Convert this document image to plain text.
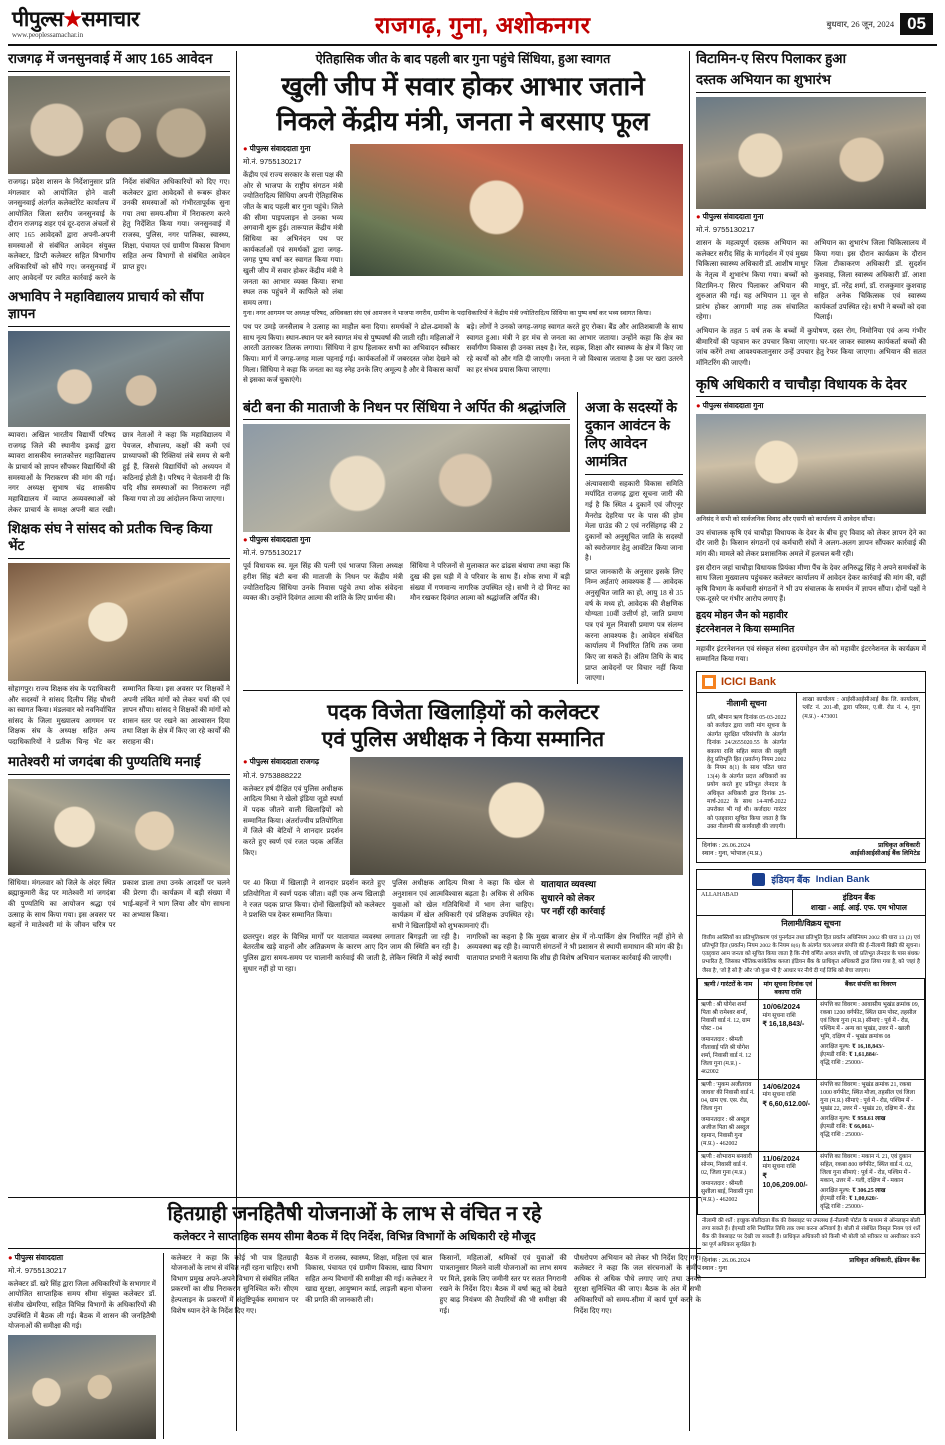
पीपुल्स★समाचार
www.peoplessamachar.in	राजगढ़, गुना, अशोकनगर	बुधवार, 26 जून, 2024 05
राजगढ़ में जनसुनवाई में आए 165 आवेदन
राजगढ़। प्रदेश शासन के निर्देशानुसार प्रति मंगलवार को आयोजित होने वाली जनसुनवाई अंतर्गत कलेक्टोरेट कार्यालय में आयोजित जिला स्तरीय जनसुनवाई के दौरान राजगढ़ शहर एवं दूर-दराज अंचलों से आए 165 आवेदकों द्वारा अपनी-अपनी समस्याओं से संबंधित आवेदन संयुक्त कलेक्टर, डिप्टी कलेक्टर सहित विभागीय अधिकारियों को सौंपे गए। जनसुनवाई में आए आवेदनों पर त्वरित कार्रवाई करने के निर्देश संबंधित अधिकारियों को दिए गए। कलेक्टर द्वारा आवेदकों से रूबरू होकर उनकी समस्याओं को गंभीरतापूर्वक सुना गया तथा समय-सीमा में निराकरण करने हेतु निर्देशित किया गया। जनसुनवाई में राजस्व, पुलिस, नगर पालिका, स्वास्थ्य, शिक्षा, पंचायत एवं ग्रामीण विकास विभाग सहित अन्य विभागों से संबंधित आवेदन प्राप्त हुए।
अभाविप ने महाविद्यालय प्राचार्य को सौंपा ज्ञापन
ब्यावरा। अखिल भारतीय विद्यार्थी परिषद राजगढ़ जिले की स्थानीय इकाई द्वारा ब्यावरा शासकीय स्नातकोत्तर महाविद्यालय के प्राचार्य को ज्ञापन सौंपकर विद्यार्थियों की समस्याओं के निराकरण की मांग की गई। नगर अध्यक्ष सुभाष चंद्र शासकीय महाविद्यालय में व्याप्त अव्यवस्थाओं को लेकर प्राचार्य के समक्ष अपनी बात रखी। छात्र नेताओं ने कहा कि महाविद्यालय में पेयजल, शौचालय, कक्षों की कमी एवं प्राध्यापकों की रिक्तियां लंबे समय से बनी हुई हैं, जिससे विद्यार्थियों को अध्ययन में कठिनाई होती है। परिषद ने चेतावनी दी कि यदि शीघ्र समस्याओं का निराकरण नहीं किया गया तो उग्र आंदोलन किया जाएगा।
शिक्षक संघ ने सांसद को प्रतीक चिन्ह किया भेंट
सोहागपुर। राज्य शिक्षक संघ के पदाधिकारी और सदस्यों ने सांसद दिलीप सिंह चौधरी का स्वागत किया। मंडलवार को नवनिर्वाचित सांसद के जिला मुख्यालय आगमन पर शिक्षक संघ के अध्यक्ष सहित अन्य पदाधिकारियों ने प्रतीक चिन्ह भेंट कर सम्मानित किया। इस अवसर पर शिक्षकों ने अपनी लंबित मांगों को लेकर चर्चा की एवं ज्ञापन सौंपा। सांसद ने शिक्षकों की मांगों को शासन स्तर पर रखने का आश्वासन दिया तथा शिक्षा के क्षेत्र में किए जा रहे कार्यों की सराहना की।
मातेश्वरी मां जगदंबा की पुण्यतिथि मनाई
सिंधिया। मंगलवार को जिले के अंदर स्थित ब्रह्माकुमारी केंद्र पर मातेश्वरी मां जगदंबा की पुण्यतिथि का आयोजन श्रद्धा एवं उत्साह के साथ किया गया। इस अवसर पर बहनों ने मातेश्वरी मां के जीवन चरित्र पर प्रकाश डाला तथा उनके आदर्शों पर चलने की प्रेरणा दी। कार्यक्रम में बड़ी संख्या में भाई-बहनों ने भाग लिया और योग साधना का अभ्यास किया।
ऐतिहासिक जीत के बाद पहली बार गुना पहुंचे सिंधिया, हुआ स्वागत
खुली जीप में सवार होकर आभार जताने
निकले केंद्रीय मंत्री, जनता ने बरसाए फूल
● पीपुल्स संवाददाता गुना
मो.नं. 9755130217
केंद्रीय एवं राज्य सरकार के सत्ता पक्ष की ओर से भाजपा के राष्ट्रीय संगठन मंत्री ज्योतिरादित्य सिंधिया अपनी ऐतिहासिक जीत के बाद पहली बार गुना पहुंचे। जिले की सीमा पाइपलाइन से उनका भव्य अगवानी शुरू हुई। तारूपाल केंद्रीय मंत्री सिंधिया का अभिनंदन पथ पर कार्यकर्ताओं एवं समर्थकों द्वारा जगह-जगह पुष्प वर्षा कर स्वागत किया गया। खुली जीप में सवार होकर केंद्रीय मंत्री ने जनता का आभार व्यक्त किया। सभा स्थल तक पहुंचने में काफिले को लंबा समय लगा।
गुना। नगर आगमन पर अध्यक्ष परिषद, अधिवक्ता संघ एवं आमजन ने भाजपा नगरीय, ग्रामीण के पदाधिकारियों ने केंद्रीय मंत्री ज्योतिरादित्य सिंधिया का पुष्प वर्षा कर भव्य स्वागत किया।
पथ पर उमड़े जनसैलाब ने उत्साह का माहौल बना दिया। समर्थकों ने ढोल-ढमाकों के साथ नृत्य किया। स्थान-स्थान पर बने स्वागत मंच से पुष्पवर्षा की जाती रही। महिलाओं ने आरती उतारकर तिलक लगाया। सिंधिया ने हाथ हिलाकर सभी का अभिवादन स्वीकार किया। मार्ग में जगह-जगह माला पहनाई गई। कार्यकर्ताओं में जबरदस्त जोश देखने को मिला। सिंधिया ने कहा कि जनता का यह स्नेह उनके लिए अमूल्य है और वे विकास कार्यों से इसका कर्ज चुकाएंगे।
बड़े। लोगों ने उनको जगह-जगह स्वागत करते हुए रोका। बैंड और आतिशबाजी के साथ स्वागत हुआ। मंत्री ने हर मंच से जनता का आभार जताया। उन्होंने कहा कि क्षेत्र का सर्वांगीण विकास ही उनका लक्ष्य है। रेल, सड़क, शिक्षा और स्वास्थ्य के क्षेत्र में किए जा रहे कार्यों को और गति दी जाएगी। जनता ने जो विश्वास जताया है उस पर खरा उतरने का हर संभव प्रयास किया जाएगा।
बंटी बना की माताजी के निधन पर सिंधिया ने अर्पित की श्रद्धांजलि
● पीपुल्स संवाददाता गुना
मो.नं. 9755130217
पूर्व विधायक स्व. मूल सिंह की पत्नी एवं भाजपा जिला अध्यक्ष हरीश सिंह बंटी बना की माताजी के निधन पर केंद्रीय मंत्री ज्योतिरादित्य सिंधिया उनके निवास पहुंचे तथा शोक संवेदना व्यक्त की। उन्होंने दिवंगत आत्मा की शांति के लिए प्रार्थना की।
सिंधिया ने परिजनों से मुलाकात कर ढांढस बंधाया तथा कहा कि दुख की इस घड़ी में वे परिवार के साथ हैं। शोक सभा में बड़ी संख्या में गणमान्य नागरिक उपस्थित रहे। सभी ने दो मिनट का मौन रखकर दिवंगत आत्मा को श्रद्धांजलि अर्पित की।
अजा के सदस्यों के दुकान आवंटन के लिए आवेदन आमंत्रित
अंत्यावसायी सहकारी विकास समिति मर्यादित राजगढ़ द्वारा सूचना जारी की गई है कि स्थित 4 दुकानें एवं जीएनूर मैनरोड देहरिया पर के पास की होम मेला ग्राउंड की 2 एवं नरसिंहगढ़ की 2 दुकानों को अनुसूचित जाति के सदस्यों को स्वरोजगार हेतु आवंटित किया जाना है।
प्राप्त जानकारी के अनुसार इसके लिए निम्न अर्हताएं आवश्यक हैं — आवेदक अनुसूचित जाति का हो, आयु 18 से 35 वर्ष के मध्य हो, आवेदक की शैक्षणिक योग्यता 10वीं उत्तीर्ण हो, जाति प्रमाण पत्र एवं मूल निवासी प्रमाण पत्र संलग्न करना आवश्यक है। आवेदन संबंधित कार्यालय में निर्धारित तिथि तक जमा किए जा सकते हैं। अंतिम तिथि के बाद प्राप्त आवेदनों पर विचार नहीं किया जाएगा।
पदक विजेता खिलाड़ियों को कलेक्टर
एवं पुलिस अधीक्षक ने किया सम्मानित
● पीपुल्स संवाददाता राजगढ़
मो.नं. 9753888222
कलेक्टर हर्ष दीक्षित एवं पुलिस अधीक्षक आदित्य मिश्रा ने खेलो इंडिया जूडो स्पर्धा में पदक जीतने वाली खिलाड़ियों को सम्मानित किया। अंतर्राज्यीय प्रतियोगिता में जिले की बेटियों ने शानदार प्रदर्शन करते हुए स्वर्ण एवं रजत पदक अर्जित किए।
पर 40 किग्रा में खिलाड़ी ने शानदार प्रदर्शन करते हुए प्रतियोगिता में स्वर्ण पदक जीता। वहीं एक अन्य खिलाड़ी ने रजत पदक प्राप्त किया। दोनों खिलाड़ियों को कलेक्टर ने प्रशस्ति पत्र देकर सम्मानित किया।
पुलिस अधीक्षक आदित्य मिश्रा ने कहा कि खेल से अनुशासन एवं आत्मविश्वास बढ़ता है। अधिक से अधिक युवाओं को खेल गतिविधियों में भाग लेना चाहिए। कार्यक्रम में खेल अधिकारी एवं प्रशिक्षक उपस्थित रहे। सभी ने खिलाड़ियों को शुभकामनाएं दीं।
यातायात व्यवस्था
सुधारने को लेकर
पर नहीं रही कार्रवाई
छतरपुर। शहर के विभिन्न मार्गों पर यातायात व्यवस्था लगातार बिगड़ती जा रही है। बेतरतीब खड़े वाहनों और अतिक्रमण के कारण आए दिन जाम की स्थिति बन रही है। पुलिस द्वारा समय-समय पर चालानी कार्रवाई की जाती है, लेकिन स्थिति में कोई स्थायी सुधार नहीं हो पा रहा।
नागरिकों का कहना है कि मुख्य बाजार क्षेत्र में नो-पार्किंग क्षेत्र निर्धारित नहीं होने से अव्यवस्था बढ़ रही है। व्यापारी संगठनों ने भी प्रशासन से स्थायी समाधान की मांग की है। यातायात प्रभारी ने बताया कि शीघ्र ही विशेष अभियान चलाकर कार्रवाई की जाएगी।
विटामिन-ए सिरप पिलाकर हुआ
दस्तक अभियान का शुभारंभ
● पीपुल्स संवाददाता गुना
मो.नं. 9755130217
शासन के महत्वपूर्ण दस्तक अभियान का कलेक्टर सरीद सिंह के मार्गदर्शन में एवं मुख्य चिकित्सा स्वास्थ्य अधिकारी डॉ. आशीष माथुर के नेतृत्व में शुभारंभ किया गया। बच्चों को विटामिन-ए सिरप पिलाकर अभियान की शुरुआत की गई। यह अभियान 11 जून से प्रारंभ होकर आगामी माह तक संचालित रहेगा।
अभियान का शुभारंभ जिला चिकित्सालय में किया गया। इस दौरान कार्यक्रम के दौरान जिला टीकाकरण अधिकारी डॉ. सुदर्शन कुशवाह, जिला स्वास्थ्य अधिकारी डॉ. आशा माथुर, डॉ. नरेंद्र शर्मा, डॉ. राजकुमार कुशवाह सहित अनेक चिकित्सक एवं स्वास्थ्य कार्यकर्ता उपस्थित रहे। सभी ने बच्चों को दवा पिलाई।
अभियान के तहत 5 वर्ष तक के बच्चों में कुपोषण, दस्त रोग, निमोनिया एवं अन्य गंभीर बीमारियों की पहचान कर उपचार किया जाएगा। घर-घर जाकर स्वास्थ्य कार्यकर्ता बच्चों की जांच करेंगे तथा आवश्यकतानुसार उन्हें उपचार हेतु रेफर किया जाएगा। अभियान की सतत मॉनिटरिंग की जाएगी।
कृषि अधिकारी व चाचौड़ा विधायक के देवर
● पीपुल्स संवाददाता गुना
अनिसंद ने सभी को सार्वजनिक विवाद और एसपी को कार्यालय में आवेदन सौंपा।
उप संचालक कृषि एवं चाचौड़ा विधायक के देवर के बीच हुए विवाद को लेकर ज्ञापन देने का दौर जारी है। किसान संगठनों एवं कर्मचारी संघों ने अलग-अलग ज्ञापन सौंपकर कार्रवाई की मांग की। मामले को लेकर प्रशासनिक अमले में हलचल बनी रही।
इस दौरान जहां चाचौड़ा विधायक प्रियंका मीणा पैंच के देवर अनिरुद्ध सिंह ने अपने समर्थकों के साथ जिला मुख्यालय पहुंचकर कलेक्टर कार्यालय में आवेदन देकर कार्रवाई की मांग की, वहीं कृषि विभाग के कर्मचारी संगठनों ने भी उप संचालक के समर्थन में ज्ञापन सौंपा। दोनों पक्षों ने एक-दूसरे पर गंभीर आरोप लगाए हैं।
हृदय मोहन जैन को महावीर
इंटरनेशनल ने किया सम्मानित
महावीर इंटरनेशनल एवं संस्कृत संस्था हृदयमोहन जैन को महावीर इंटरनेशनल के कार्यक्रम में सम्मानित किया गया।
ICICI Bank
नीलामी सूचना
प्रति, श्रीमान ऋण दिनांक 05-03-2022 को कर्जदार द्वारा जारी मांग सूचना के अंतर्गत सुरक्षित परिसंपत्ति के अंतर्गत दिनांक 24/2655020.55 के अंतर्गत बकाया राशि सहित ब्याज की वसूली हेतु प्रतिभूति हित (प्रवर्तन) नियम 2002 के नियम 8(1) के साथ पठित धारा 13(4) के अंतर्गत प्रदत्त अधिकारों का प्रयोग करते हुए प्रतिभूत लेनदार के अधिकृत अधिकारी द्वारा दिनांक 25-मार्च-2022 के साथ 14-मार्च-2022 उपरोक्त भी गई थी। कर्जदार/ गारंटर को एतद्द्वारा सूचित किया जाता है कि उक्त नीलामी की कार्यवाही की जाएगी।
शाखा कार्यालय : आईसीआईसीआई बैंक लि. कार्यालय, प्लॉट नं. 201-बी, द्वारा परिसर, ए.बी. रोड नं. 4, गुना (म.प्र.) - 473001
दिनांक : 26.06.2024
स्थान : गुना, भोपाल (म.प्र.)
प्राधिकृत अधिकारी
आईसीआईसीआई बैंक लिमिटेड
इंडियन बैंक Indian Bank
ALLAHABAD	इंडियन बैंक
शाखा - आई. आई. एफ. एम भोपाल
निलामी/विक्रय सूचना
वित्तीय आस्तियों का प्रतिभूतिकरण एवं पुनर्गठन तथा प्रतिभूति हित प्रवर्तन अधिनियम 2002 की धारा 13 (2) एवं प्रतिभूति हित (प्रवर्तन) नियम 2002 के नियम 8(6) के अंतर्गत चल/अचल संपत्ति की ई-नीलामी बिक्री की सूचना। एतद्द्वारा आम जनता को सूचित किया जाता है कि नीचे वर्णित अचल संपत्ति, जो प्रतिभूत लेनदार के पास बंधक/प्रभारित है, जिसका भौतिक/सांकेतिक कब्जा इंडियन बैंक के प्राधिकृत अधिकारी द्वारा लिया गया है, को 'जहां है जैसा है', 'जो है सो है' और 'जो कुछ भी है' आधार पर नीचे दी गई तिथि को बेचा जाएगा।
ऋणी / गारंटरों के नाम	मांग सूचना दिनांक एवं बकाया राशि	बैंकर संपत्ति का विवरण

ऋणी : श्री योगेश शर्मा पिता श्री रामेश्वर शर्मा, निवासी वार्ड नं. 12, ग्राम पोस्ट - 04
जमानतदार : श्रीमती गीतावाई पति श्री योगेश शर्मा, निवासी वार्ड नं. 12 जिला गुना (म.प्र.) - 462002

10/06/2024
मांग सूचना राशि
₹ 16,18,843/-

संपत्ति का विवरण : आवासीय भूखंड क्रमांक 09, रकबा 1200 वर्गफीट, स्थित ग्राम पोस्ट, तहसील एवं जिला गुना (म.प्र.) सीमाएं : पूर्व में - रोड, पश्चिम में - अन्य का भूखंड, उत्तर में - खाली भूमि, दक्षिण में - भूखंड क्रमांक 08
आरक्षित मूल्य: ₹ 16,18,843/-
ईएमडी राशि: ₹ 1,61,884/-
वृद्धि राशि : 25000/-

ऋणी : 'मुकम अजीतराव जाधव' की निवासी वार्ड नं. 04, ग्राम एच. एस. रोड, जिला गुना
जमानतदार : श्री अब्दुल अजीज पिता श्री अब्दुल रहमान, निवासी गुना (म.प्र.) - 462002

14/06/2024
मांग सूचना राशि
₹ 6,60,612.00/-

संपत्ति का विवरण : भूखंड क्रमांक 21, रकबा 1000 वर्गफीट, स्थित मौजा, तहसील एवं जिला गुना (म.प्र.) सीमाएं : पूर्व में - रोड, पश्चिम में - भूखंड 22, उत्तर में - भूखंड 20, दक्षिण में - रोड
आरक्षित मूल्य: ₹ 958.61 लाख
ईएमडी राशि: ₹ 66,061/-
वृद्धि राशि : 25000/-

ऋणी : शोभाराम बनवारी सोनम, निवासी वार्ड नं. 02, जिला गुना (म.प्र.)
जमानतदार : श्रीमती सुशीला बाई, निवासी गुना (म.प्र.) - 462002

11/06/2024
मांग सूचना राशि
₹ 10,06,209.00/-

संपत्ति का विवरण : मकान नं. 21, एवं दुकान सहित, रकबा 800 वर्गफीट, स्थित वार्ड नं. 02, जिला गुना सीमाएं : पूर्व में - रोड, पश्चिम में - मकान, उत्तर में - गली, दक्षिण में - मकान
आरक्षित मूल्य: ₹ 306.25 लाख
ईएमडी राशि: ₹ 1,00,620/-
वृद्धि राशि : 25000/-
नीलामी की शर्तें : इच्छुक बोलीदाता बैंक की वेबसाइट पर उपलब्ध ई-नीलामी पोर्टल के माध्यम से ऑनलाइन बोली लगा सकते हैं। ईएमडी राशि निर्धारित तिथि तक जमा करना अनिवार्य है। बोली से संबंधित विस्तृत नियम एवं शर्तें बैंक की वेबसाइट पर देखी जा सकती हैं। प्राधिकृत अधिकारी को किसी भी बोली को स्वीकार या अस्वीकार करने का पूर्ण अधिकार सुरक्षित है।
दिनांक : 26.06.2024
स्थान : गुना
प्राधिकृत अधिकारी, इंडियन बैंक
हितग्राही जनहितैषी योजनाओं के लाभ से वंचित न रहे
कलेक्टर ने साप्ताहिक समय सीमा बैठक में दिए निर्देश, विभिन्न विभागों के अधिकारी रहे मौजूद
● पीपुल्स संवाददाता
मो.नं. 9755130217
कलेक्टर डॉ. खरे सिंह द्वारा जिला अधिकारियों के सभागार में आयोजित साप्ताहिक समय सीमा संयुक्त कलेक्टर डॉ. संजीव खेमरिया, सहित विभिन्न विभागों के अधिकारियों की उपस्थिति में बैठक ली गई। बैठक में शासन की जनहितैषी योजनाओं की समीक्षा की गई।
कलेक्टर ने कहा कि कोई भी पात्र हितग्राही योजनाओं के लाभ से वंचित नहीं रहना चाहिए। सभी विभाग प्रमुख अपने-अपने विभाग से संबंधित लंबित प्रकरणों का शीघ्र निराकरण सुनिश्चित करें। सीएम हेल्पलाइन के प्रकरणों में संतुष्टिपूर्वक समाधान पर विशेष ध्यान देने के निर्देश दिए गए।
बैठक में राजस्व, स्वास्थ्य, शिक्षा, महिला एवं बाल विकास, पंचायत एवं ग्रामीण विकास, खाद्य विभाग सहित अन्य विभागों की समीक्षा की गई। कलेक्टर ने खाद्य सुरक्षा, आयुष्मान कार्ड, लाड़ली बहना योजना की प्रगति की जानकारी ली।
किसानों, महिलाओं, श्रमिकों एवं युवाओं की पात्रतानुसार मिलने वाली योजनाओं का लाभ समय पर मिले, इसके लिए जमीनी स्तर पर सतत निगरानी रखने के निर्देश दिए। बैठक में वर्षा ऋतु को देखते हुए बाढ़ नियंत्रण की तैयारियों की भी समीक्षा की गई।
पौधरोपण अभियान को लेकर भी निर्देश दिए गए। कलेक्टर ने कहा कि जल संरचनाओं के समीप अधिक से अधिक पौधे लगाए जाएं तथा उनकी सुरक्षा सुनिश्चित की जाए। बैठक के अंत में सभी अधिकारियों को समय-सीमा में कार्य पूर्ण करने के निर्देश दिए गए।
